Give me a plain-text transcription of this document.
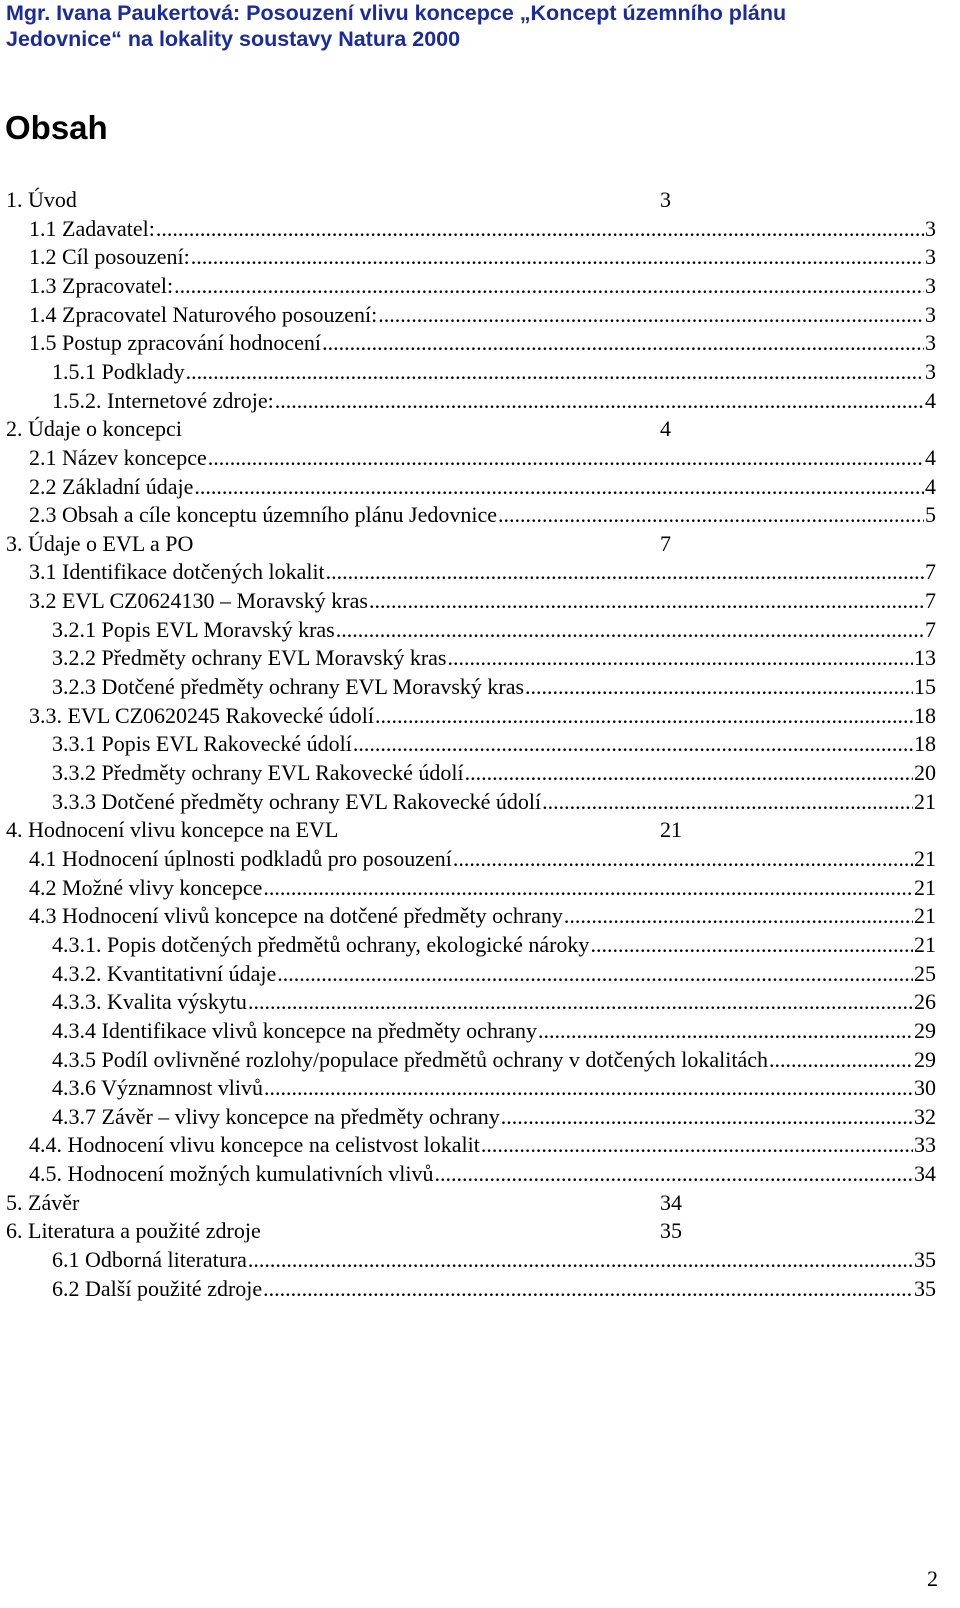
Mgr. Ivana Paukertová: Posouzení vlivu koncepce „Koncept územního plánu
Jedovnice“ na lokality soustavy Natura 2000
Obsah
1. Úvod	3
1.1 Zadavatel: .....	3
1.2 Cíl posouzení: .....	3
1.3 Zpracovatel: .....	3
1.4 Zpracovatel Naturového posouzení: .....	3
1.5 Postup zpracování hodnocení .....	3
1.5.1 Podklady .....	3
1.5.2. Internetové zdroje: .....	4
2. Údaje o koncepci	4
2.1 Název koncepce .....	4
2.2 Základní údaje .....	4
2.3 Obsah a cíle konceptu územního plánu Jedovnice .....	5
3. Údaje o EVL a PO	7
3.1 Identifikace dotčených lokalit .....	7
3.2 EVL CZ0624130 – Moravský kras .....	7
3.2.1 Popis EVL Moravský kras .....	7
3.2.2 Předměty ochrany EVL Moravský kras .....	13
3.2.3 Dotčené předměty ochrany EVL Moravský kras .....	15
3.3. EVL CZ0620245 Rakovecké údolí .....	18
3.3.1 Popis EVL Rakovecké údolí .....	18
3.3.2 Předměty ochrany EVL Rakovecké údolí .....	20
3.3.3 Dotčené předměty ochrany EVL Rakovecké údolí .....	21
4. Hodnocení vlivu koncepce na EVL	21
4.1 Hodnocení úplnosti podkladů pro posouzení .....	21
4.2 Možné vlivy koncepce .....	21
4.3 Hodnocení vlivů koncepce na dotčené předměty ochrany .....	21
4.3.1. Popis dotčených předmětů ochrany, ekologické nároky .....	21
4.3.2. Kvantitativní údaje .....	25
4.3.3. Kvalita výskytu .....	26
4.3.4 Identifikace vlivů koncepce na předměty ochrany .....	29
4.3.5 Podíl ovlivněné rozlohy/populace předmětů ochrany v dotčených lokalitách .....	29
4.3.6 Významnost vlivů .....	30
4.3.7 Závěr – vlivy koncepce na předměty ochrany .....	32
4.4. Hodnocení vlivu koncepce na celistvost lokalit .....	33
4.5. Hodnocení možných kumulativních vlivů .....	34
5. Závěr	34
6. Literatura a použité zdroje	35
6.1 Odborná literatura .....	35
6.2 Další použité zdroje .....	35
2
